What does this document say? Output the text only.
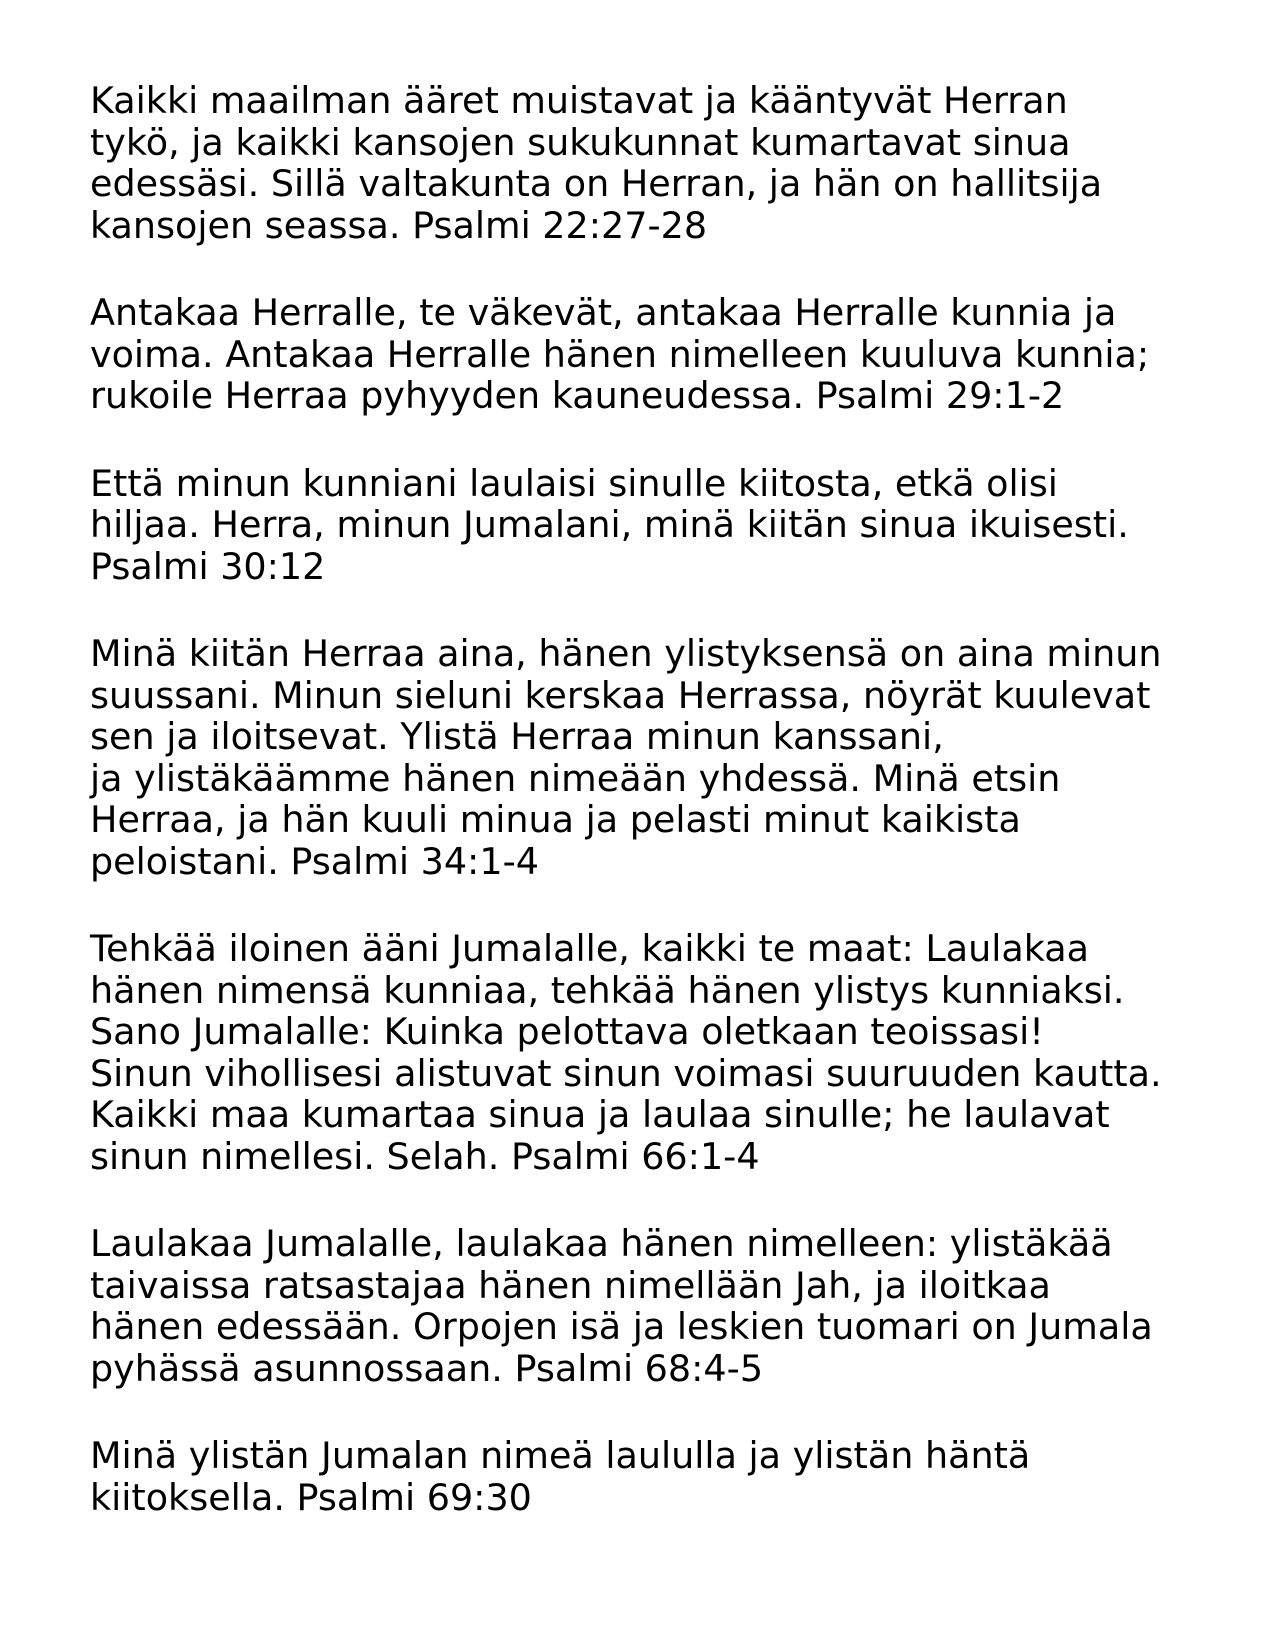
Kaikki maailman ääret muistavat ja kääntyvät Herran
tykö, ja kaikki kansojen sukukunnat kumartavat sinua
edessäsi. Sillä valtakunta on Herran, ja hän on hallitsija
kansojen seassa. Psalmi 22:27-28
Antakaa Herralle, te väkevät, antakaa Herralle kunnia ja
voima. Antakaa Herralle hänen nimelleen kuuluva kunnia;
rukoile Herraa pyhyyden kauneudessa. Psalmi 29:1-2
Että minun kunniani laulaisi sinulle kiitosta, etkä olisi
hiljaa. Herra, minun Jumalani, minä kiitän sinua ikuisesti.
Psalmi 30:12
Minä kiitän Herraa aina, hänen ylistyksensä on aina minun
suussani. Minun sieluni kerskaa Herrassa, nöyrät kuulevat
sen ja iloitsevat. Ylistä Herraa minun kanssani,
ja ylistäkäämme hänen nimeään yhdessä. Minä etsin
Herraa, ja hän kuuli minua ja pelasti minut kaikista
peloistani. Psalmi 34:1-4
Tehkää iloinen ääni Jumalalle, kaikki te maat: Laulakaa
hänen nimensä kunniaa, tehkää hänen ylistys kunniaksi.
Sano Jumalalle: Kuinka pelottava oletkaan teoissasi!
Sinun vihollisesi alistuvat sinun voimasi suuruuden kautta.
Kaikki maa kumartaa sinua ja laulaa sinulle; he laulavat
sinun nimellesi. Selah. Psalmi 66:1-4
Laulakaa Jumalalle, laulakaa hänen nimelleen: ylistäkää
taivaissa ratsastajaa hänen nimellään Jah, ja iloitkaa
hänen edessään. Orpojen isä ja leskien tuomari on Jumala
pyhässä asunnossaan. Psalmi 68:4-5
Minä ylistän Jumalan nimeä laululla ja ylistän häntä
kiitoksella. Psalmi 69:30
